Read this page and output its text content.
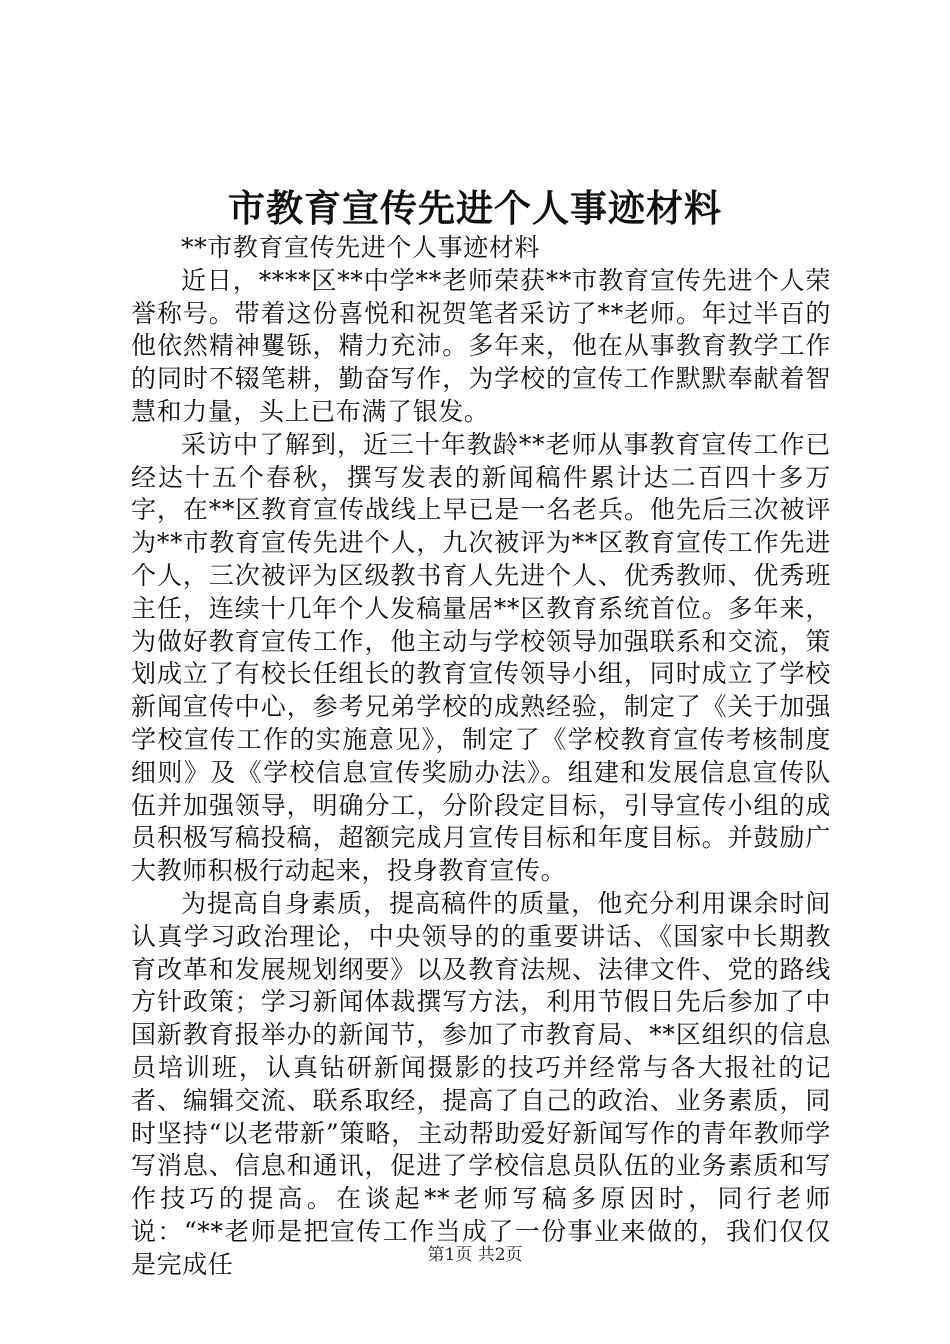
市教育宣传先进个人事迹材料

**市教育宣传先进个人事迹材料

近日，****区**中学**老师荣获**市教育宣传先进个人荣誉称号。带着这份喜悦和祝贺笔者采访了**老师。年过半百的他依然精神矍铄，精力充沛。多年来，他在从事教育教学工作的同时不辍笔耕，勤奋写作，为学校的宣传工作默默奉献着智慧和力量，头上已布满了银发。

采访中了解到，近三十年教龄**老师从事教育宣传工作已经达十五个春秋，撰写发表的新闻稿件累计达二百四十多万字，在**区教育宣传战线上早已是一名老兵。他先后三次被评为**市教育宣传先进个人，九次被评为**区教育宣传工作先进个人，三次被评为区级教书育人先进个人、优秀教师、优秀班主任，连续十几年个人发稿量居**区教育系统首位。多年来，为做好教育宣传工作，他主动与学校领导加强联系和交流，策划成立了有校长任组长的教育宣传领导小组，同时成立了学校新闻宣传中心，参考兄弟学校的成熟经验，制定了《关于加强学校宣传工作的实施意见》，制定了《学校教育宣传考核制度细则》及《学校信息宣传奖励办法》。组建和发展信息宣传队伍并加强领导，明确分工，分阶段定目标，引导宣传小组的成员积极写稿投稿，超额完成月宣传目标和年度目标。并鼓励广大教师积极行动起来，投身教育宣传。

为提高自身素质，提高稿件的质量，他充分利用课余时间认真学习政治理论，中央领导的的重要讲话、《国家中长期教育改革和发展规划纲要》以及教育法规、法律文件、党的路线方针政策；学习新闻体裁撰写方法，利用节假日先后参加了中国新教育报举办的新闻节，参加了市教育局、**区组织的信息员培训班，认真钻研新闻摄影的技巧并经常与各大报社的记者、编辑交流、联系取经，提高了自己的政治、业务素质，同时坚持“以老带新”策略，主动帮助爱好新闻写作的青年教师学写消息、信息和通讯，促进了学校信息员队伍的业务素质和写作技巧的提高。在谈起**老师写稿多原因时，同行老师说：“**老师是把宣传工作当成了一份事业来做的，我们仅仅是完成任	第1页 共2页
